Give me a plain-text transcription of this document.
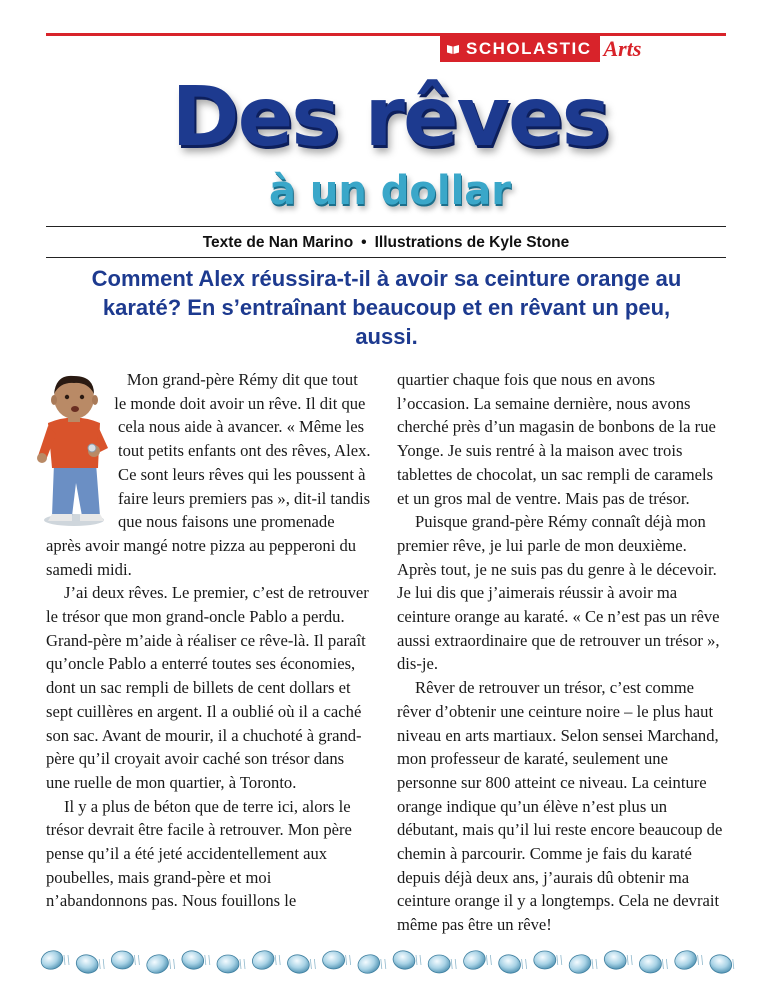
SCHOLASTIC Arts
Des rêves
à un dollar
Texte de Nan Marino • Illustrations de Kyle Stone

Comment Alex réussira-t-il à avoir sa ceinture orange au karaté? En s’entraînant beaucoup et en rêvant un peu, aussi.

Mon grand-père Rémy dit que tout le monde doit avoir un rêve. Il dit que cela nous aide à avancer. « Même les tout petits enfants ont des rêves, Alex. Ce sont leurs rêves qui les poussent à faire leurs premiers pas », dit-il tandis que nous faisons une promenade après avoir mangé notre pizza au pepperoni du samedi midi.

J’ai deux rêves. Le premier, c’est de retrouver le trésor que mon grand-oncle Pablo a perdu. Grand-père m’aide à réaliser ce rêve-là. Il paraît qu’oncle Pablo a enterré toutes ses économies, dont un sac rempli de billets de cent dollars et sept cuillères en argent. Il a oublié où il a caché son sac. Avant de mourir, il a chuchoté à grand-père qu’il croyait avoir caché son trésor dans une ruelle de mon quartier, à Toronto.

Il y a plus de béton que de terre ici, alors le trésor devrait être facile à retrouver. Mon père pense qu’il a été jeté accidentellement aux poubelles, mais grand-père et moi n’abandonnons pas. Nous fouillons le

quartier chaque fois que nous en avons l’occasion. La semaine dernière, nous avons cherché près d’un magasin de bonbons de la rue Yonge. Je suis rentré à la maison avec trois tablettes de chocolat, un sac rempli de caramels et un gros mal de ventre. Mais pas de trésor.

Puisque grand-père Rémy connaît déjà mon premier rêve, je lui parle de mon deuxième. Après tout, je ne suis pas du genre à le décevoir. Je lui dis que j’aimerais réussir à avoir ma ceinture orange au karaté. « Ce n’est pas un rêve aussi extraordinaire que de retrouver un trésor », dis-je.

Rêver de retrouver un trésor, c’est comme rêver d’obtenir une ceinture noire – le plus haut niveau en arts martiaux. Selon sensei Marchand, mon professeur de karaté, seulement une personne sur 800 atteint ce niveau. La ceinture orange indique qu’un élève n’est plus un débutant, mais qu’il lui reste encore beaucoup de chemin à parcourir. Comme je fais du karaté depuis déjà deux ans, j’aurais dû obtenir ma ceinture orange il y a longtemps. Cela ne devrait même pas être un rêve!
